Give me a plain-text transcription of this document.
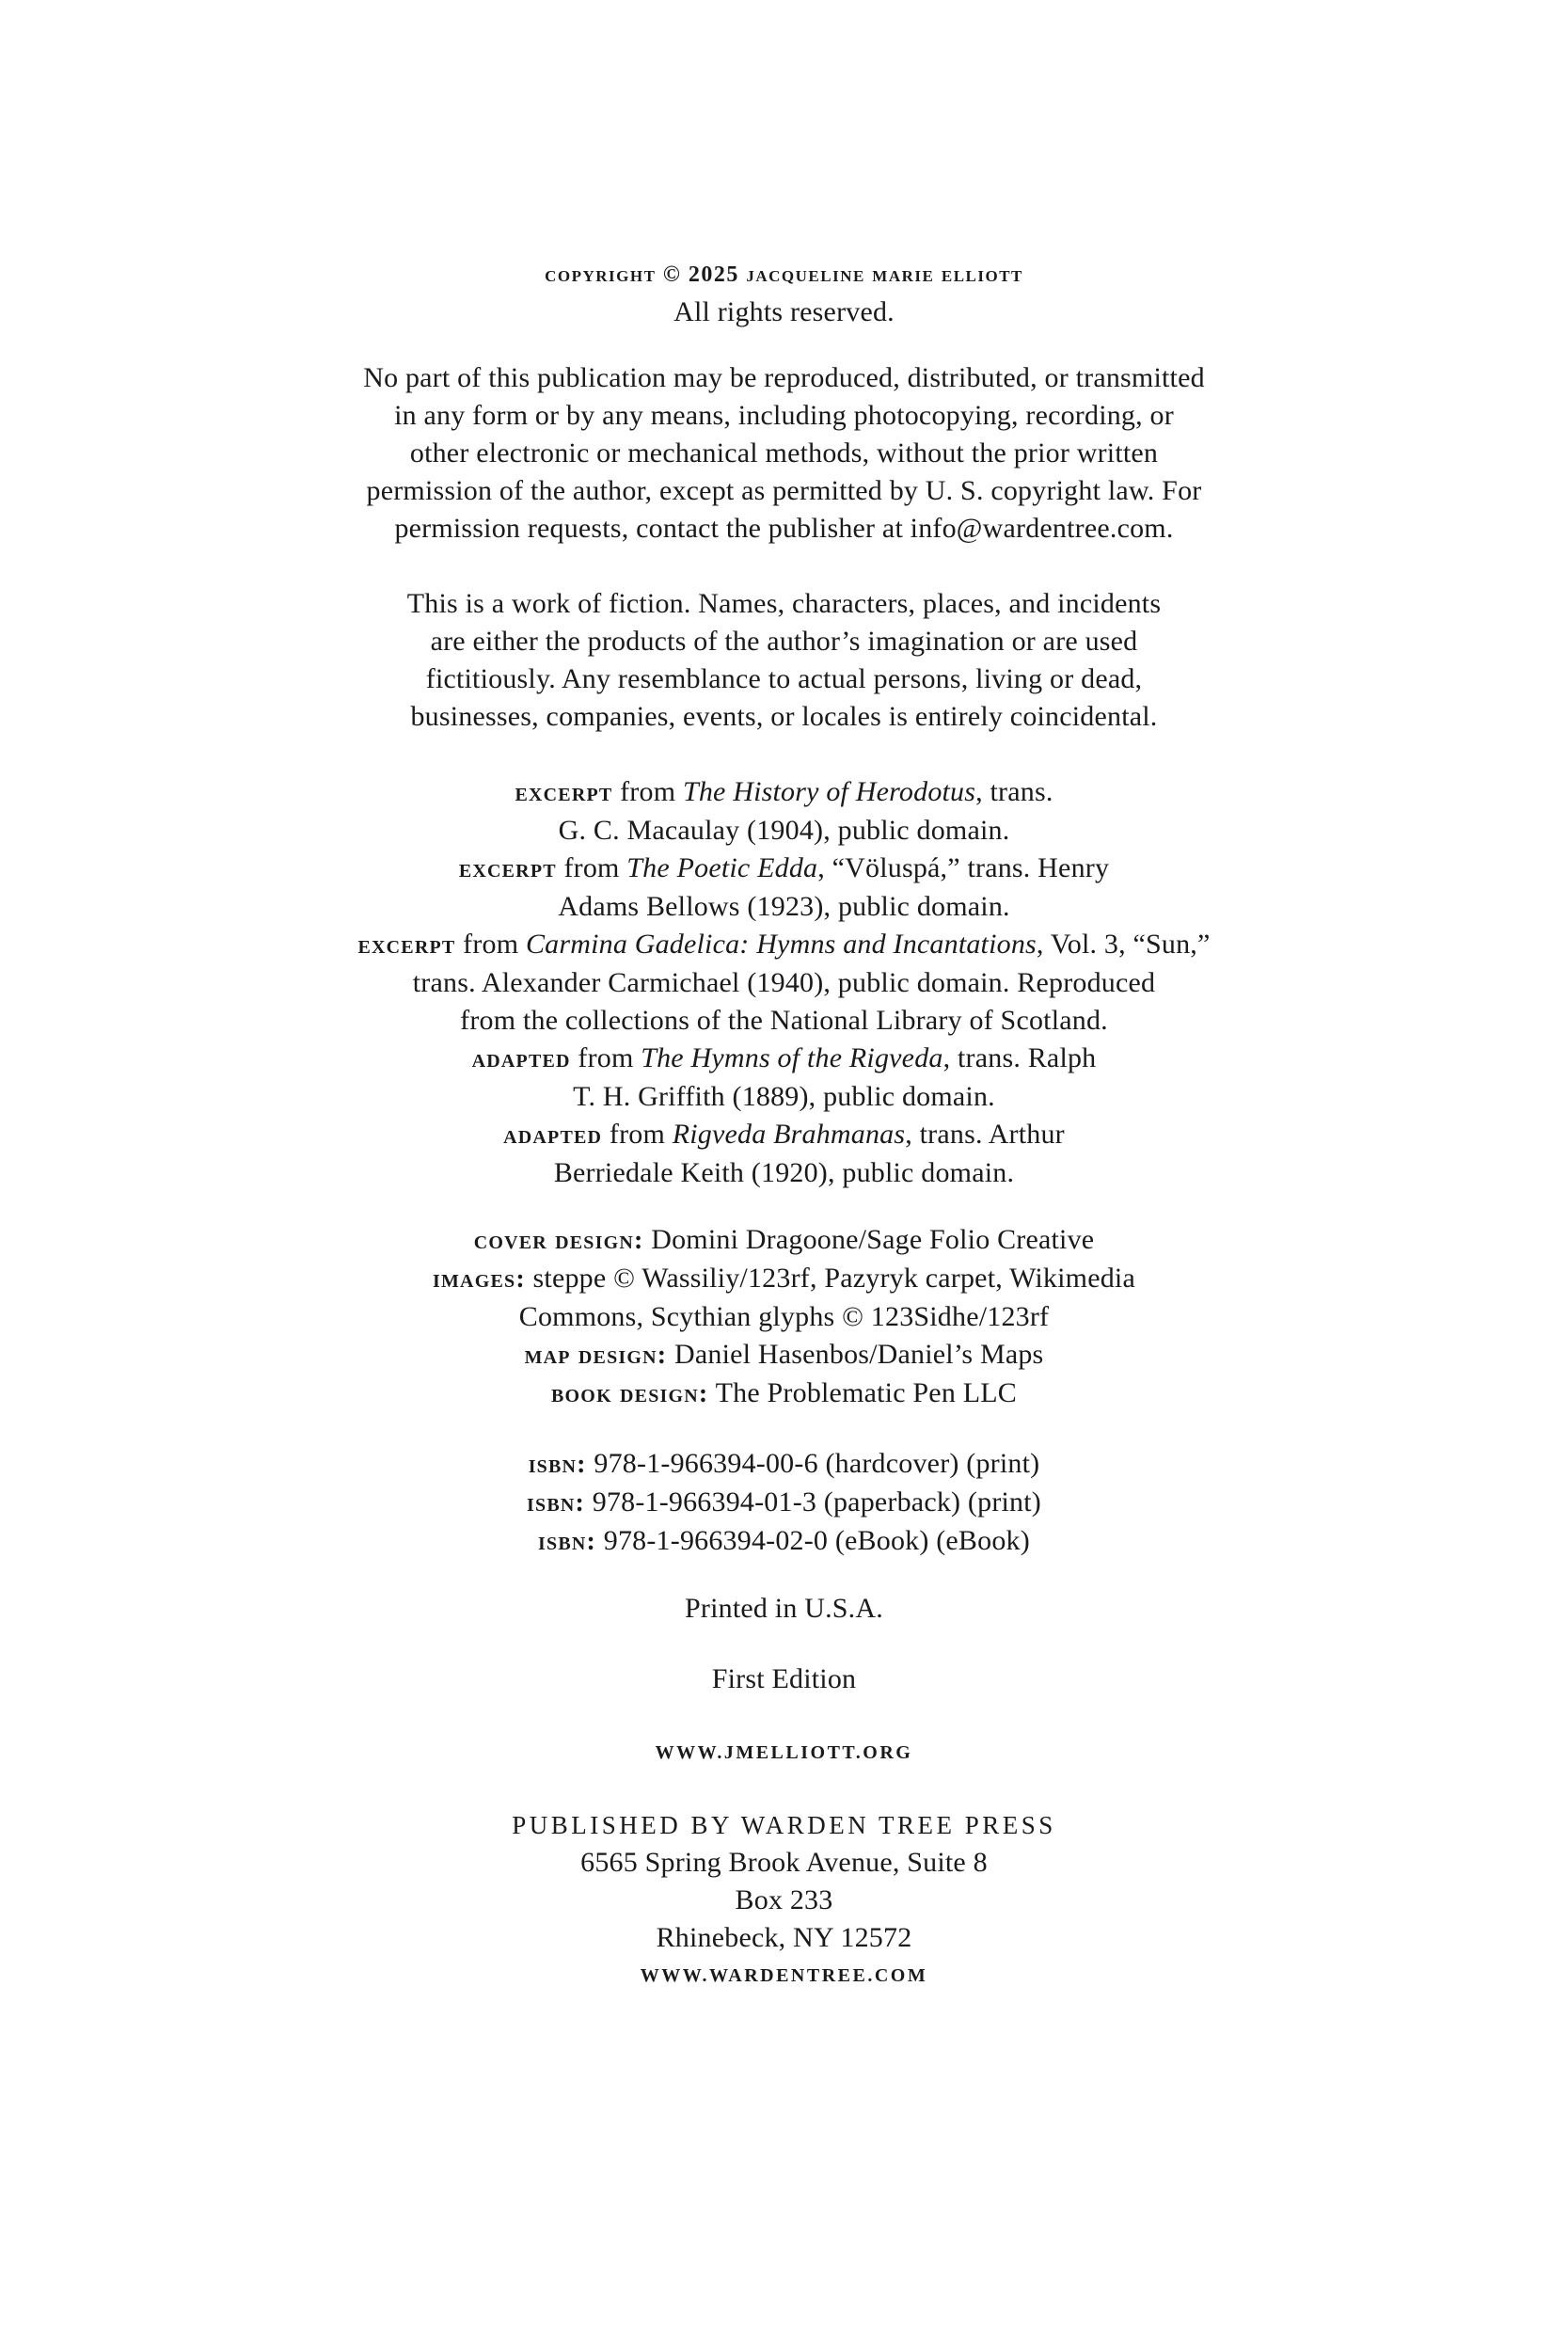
copyright © 2025 jacqueline marie elliott
All rights reserved.
No part of this publication may be reproduced, distributed, or transmitted
in any form or by any means, including photocopying, recording, or
other electronic or mechanical methods, without the prior written
permission of the author, except as permitted by U. S. copyright law. For
permission requests, contact the publisher at info@wardentree.com.
This is a work of fiction. Names, characters, places, and incidents
are either the products of the author’s imagination or are used
fictitiously. Any resemblance to actual persons, living or dead,
businesses, companies, events, or locales is entirely coincidental.
excerpt from The History of Herodotus, trans.
G. C. Macaulay (1904), public domain.
excerpt from The Poetic Edda, “Völuspá,” trans. Henry
Adams Bellows (1923), public domain.
excerpt from Carmina Gadelica: Hymns and Incantations, Vol. 3, “Sun,”
trans. Alexander Carmichael (1940), public domain. Reproduced
from the collections of the National Library of Scotland.
adapted from The Hymns of the Rigveda, trans. Ralph
T. H. Griffith (1889), public domain.
adapted from Rigveda Brahmanas, trans. Arthur
Berriedale Keith (1920), public domain.
cover design: Domini Dragoone/Sage Folio Creative
images: steppe © Wassiliy/123rf, Pazyryk carpet, Wikimedia
Commons, Scythian glyphs © 123Sidhe/123rf
map design: Daniel Hasenbos/Daniel’s Maps
book design: The Problematic Pen LLC
isbn: 978-1-966394-00-6 (hardcover) (print)
isbn: 978-1-966394-01-3 (paperback) (print)
isbn: 978-1-966394-02-0 (eBook) (eBook)
Printed in U.S.A.
First Edition
WWW.JMELLIOTT.ORG
PUBLISHED BY WARDEN TREE PRESS
6565 Spring Brook Avenue, Suite 8
Box 233
Rhinebeck, NY 12572
WWW.WARDENTREE.COM
